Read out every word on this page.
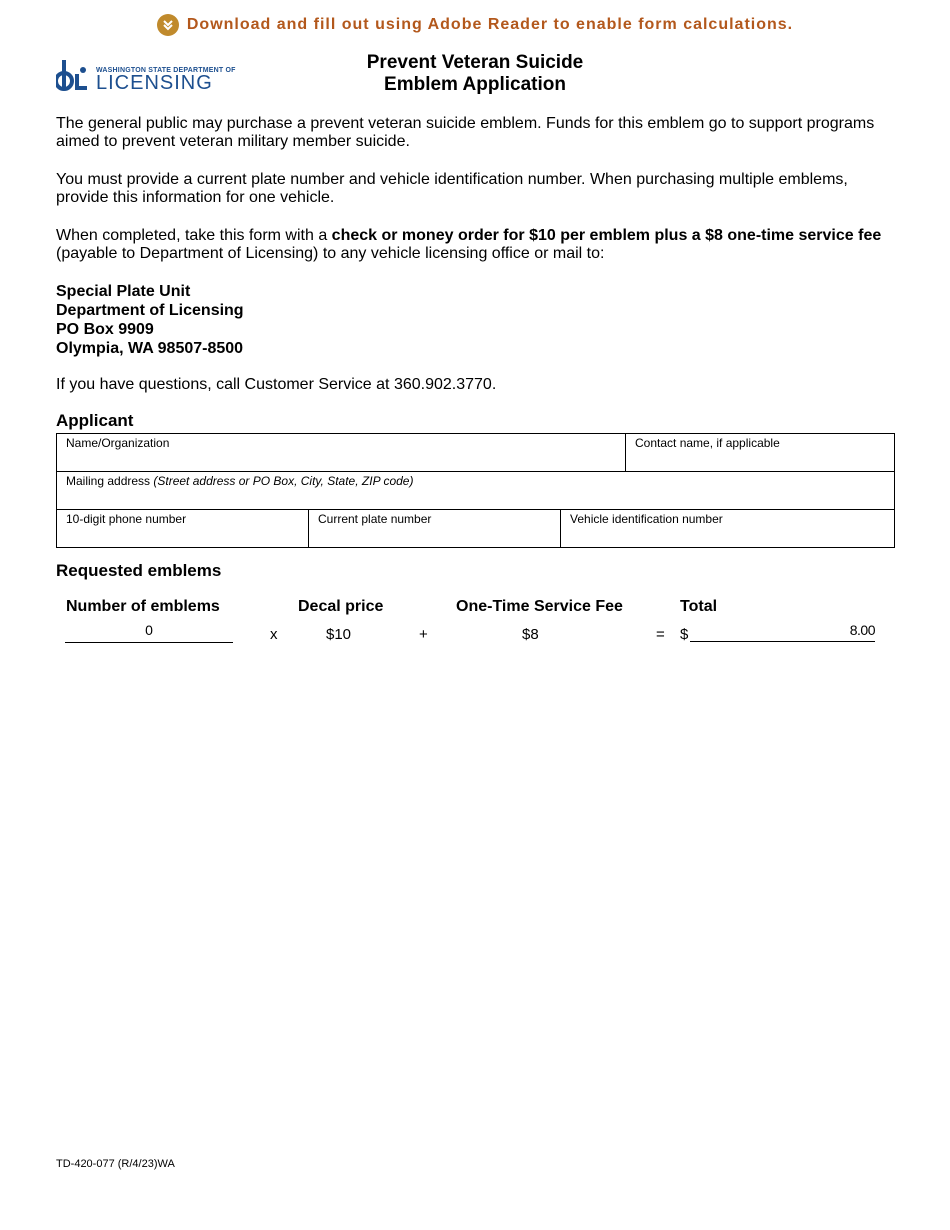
Download and fill out using Adobe Reader to enable form calculations.
WASHINGTON STATE DEPARTMENT OF
LICENSING
Prevent Veteran Suicide
Emblem Application
The general public may purchase a prevent veteran suicide emblem. Funds for this emblem go to support programs aimed to prevent veteran military member suicide.
You must provide a current plate number and vehicle identification number. When purchasing multiple emblems, provide this information for one vehicle.
When completed, take this form with a check or money order for $10 per emblem plus a $8 one-time service fee (payable to Department of Licensing) to any vehicle licensing office or mail to:
Special Plate Unit
Department of Licensing
PO Box 9909
Olympia, WA 98507-8500
If you have questions, call Customer Service at 360.902.3770.
Applicant
Name/Organization	Contact name, if applicable
Mailing address (Street address or PO Box, City, State, ZIP code)
10-digit phone number	Current plate number	Vehicle identification number
Requested emblems
Number of emblems	Decal price	One-Time Service Fee	Total
0	x	$10	+	$8	= $	8.00
TD-420-077 (R/4/23)WA
